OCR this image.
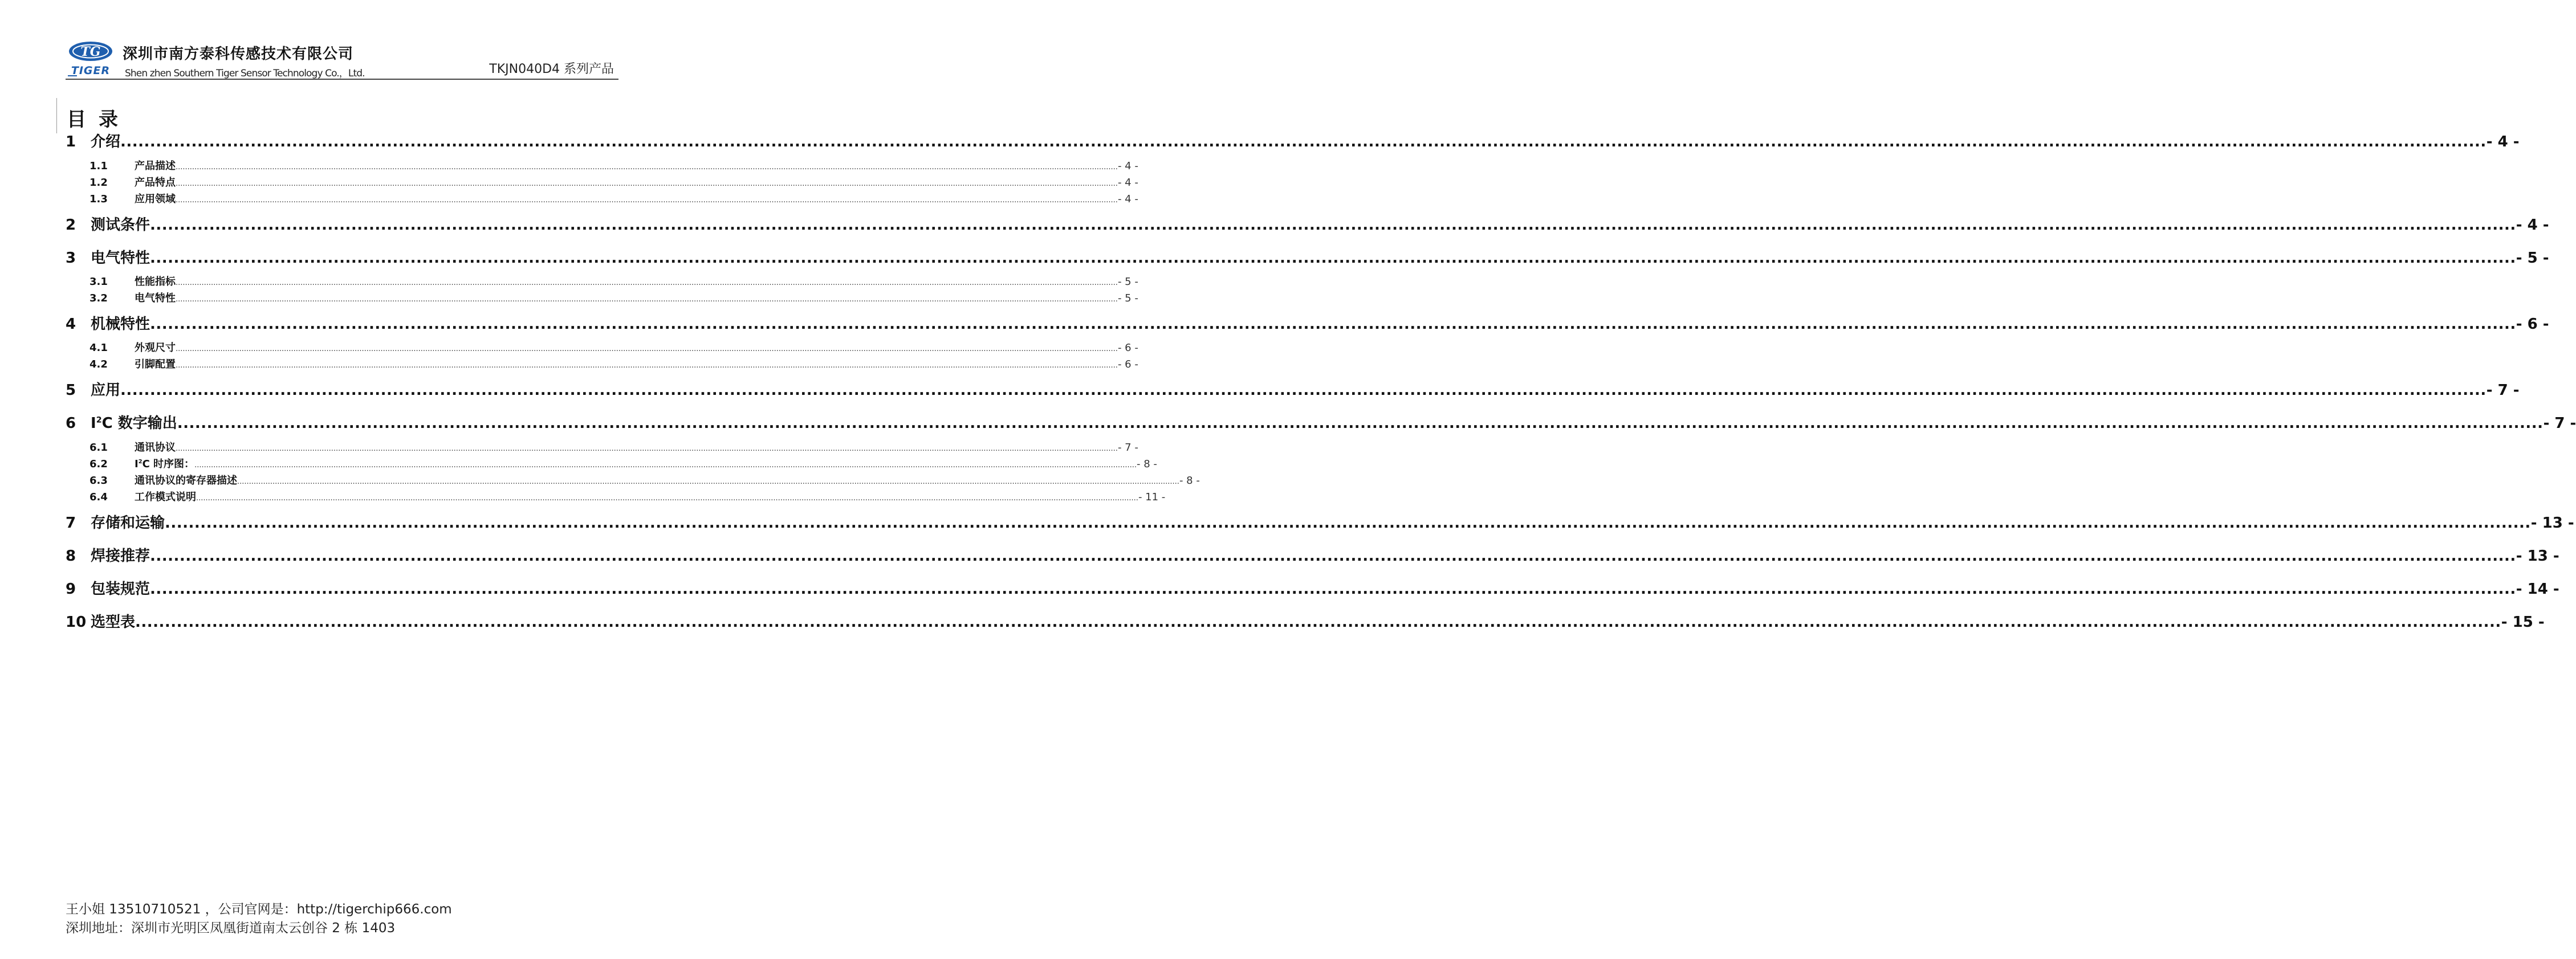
TG
TIGER
深圳市南方泰科传感技术有限公司
Shen zhen Southern Tiger Sensor Technology Co.，Ltd.	TKJN040D4 系列产品
目录
1 介绍 ................................................................................................................................................................................................................................................................................................................................................................................................................ - 4 -
1.1	产品描述 ................................................................................................................................................................................................................................................................................................................................................................................................................ - 4 -
1.2	产品特点 ................................................................................................................................................................................................................................................................................................................................................................................................................ - 4 -
1.3	应用领域 ................................................................................................................................................................................................................................................................................................................................................................................................................ - 4 -
2 测试条件 ................................................................................................................................................................................................................................................................................................................................................................................................................ - 4 -
3 电气特性 ................................................................................................................................................................................................................................................................................................................................................................................................................ - 5 -
3.1	性能指标 ................................................................................................................................................................................................................................................................................................................................................................................................................ - 5 -
3.2	电气特性 ................................................................................................................................................................................................................................................................................................................................................................................................................ - 5 -
4 机械特性 ................................................................................................................................................................................................................................................................................................................................................................................................................ - 6 -
4.1	外观尺寸 ................................................................................................................................................................................................................................................................................................................................................................................................................ - 6 -
4.2	引脚配置 ................................................................................................................................................................................................................................................................................................................................................................................................................ - 6 -
5 应用 ................................................................................................................................................................................................................................................................................................................................................................................................................ - 7 -
6 $I^2C$ 数字输出 ................................................................................................................................................................................................................................................................................................................................................................................................................ - 7 -
6.1	通讯协议 ................................................................................................................................................................................................................................................................................................................................................................................................................ - 7 -
6.2	$I^2C$ 时序图： ................................................................................................................................................................................................................................................................................................................................................................................................................ - 8 -
6.3	通讯协议的寄存器描述 ................................................................................................................................................................................................................................................................................................................................................................................................................ - 8 -
6.4	工作模式说明 ................................................................................................................................................................................................................................................................................................................................................................................................................ - 11 -
7 存储和运输 ................................................................................................................................................................................................................................................................................................................................................................................................................ - 13 -
8 焊接推荐 ................................................................................................................................................................................................................................................................................................................................................................................................................ - 13 -
9 包装规范 ................................................................................................................................................................................................................................................................................................................................................................................................................ - 14 -
10 选型表 ................................................................................................................................................................................................................................................................................................................................................................................................................ - 15 -
王小姐 13510710521 ，公司官网是：http://tigerchip666.com
深圳地址：深圳市光明区凤凰街道南太云创谷 2 栋 1403
